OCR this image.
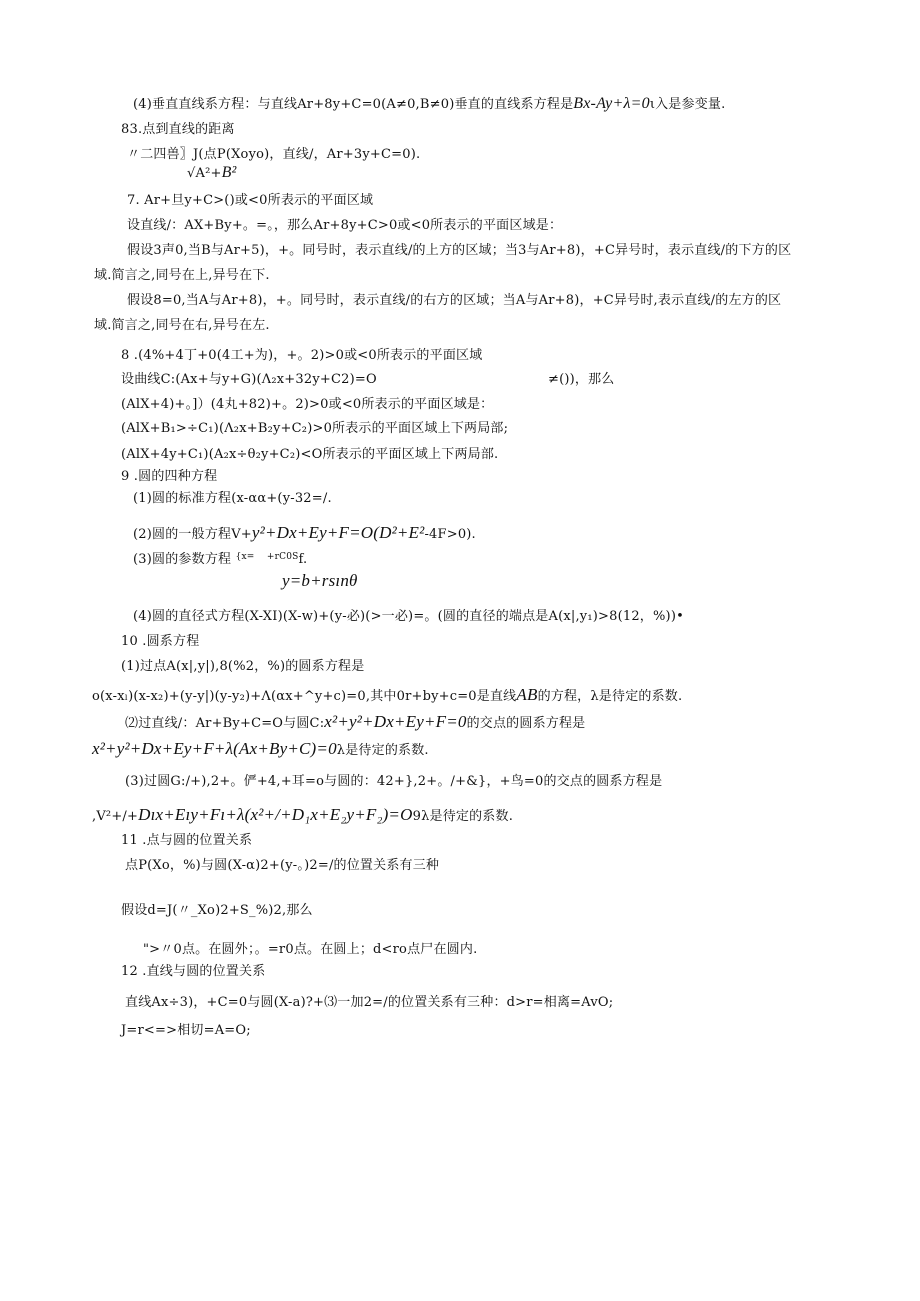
(4)垂直直线系方程：与直线Ar+8y+C=0(A≠0,B≠0)垂直的直线系方程是Bx-Ay+λ=0ι入是参变量.
83.点到直线的距离
〃二四兽〗J(点P(Xoyo)，直线/，Ar+3y+C=0).
√A²+B²
7. Ar+旦y+C>()或<0所表示的平面区域
设直线/：AX+By+。=。，那么Ar+8y+C>0或<0所表示的平面区域是：
假设3声0,当B与Ar+5)，+。同号时，表示直线/的上方的区域；当3与Ar+8)，+C异号时，表示直线/的下方的区
域.简言之,同号在上,异号在下.
假设8=0,当A与Ar+8)，+。同号时，表示直线/的右方的区域；当A与Ar+8)，+C异号时,表示直线/的左方的区
域.简言之,同号在右,异号在左.
8 .(4%+4丁+0(4工+为)，+。2)>0或<0所表示的平面区域
设曲线C:(Ax+与y+G)(Λ₂x+32y+C2)=O	≠())，那么
(AlX+4)+。]）(4丸+82)+。2)>0或<0所表示的平面区域是：
(AlX+B₁>÷C₁)(Λ₂x+B₂y+C₂)>0所表示的平面区域上下两局部;
(AlX+4y+C₁)(A₂x÷θ₂y+C₂)<O所表示的平面区域上下两局部.
9 .圆的四种方程
(1)圆的标准方程(x-αα+(y-32=/.
(2)圆的一般方程V+y²+Dx+Ey+F=O(D²+E²-4F>0).
(3)圆的参数方程 $^{\{x=}$ $^{+rC0S}$f.
y=b+rsınθ
(4)圆的直径式方程(X-XI)(X-w)+(y-必)(>一必)=。(圆的直径的端点是A(x|,y₁)>8(12，%))•
10 .圆系方程
(1)过点A(x|,y|),8(%2，%)的圆系方程是
o(x-xₗ)(x-x₂)+(y-y|)(y-y₂)+Λ(αx+^y+c)=0,其中0r+by+c=0是直线AB的方程，λ是待定的系数.
⑵过直线/：Ar+By+C=O与圆C:x²+y²+Dx+Ey+F=0的交点的圆系方程是
x²+y²+Dx+Ey+F+λ(Ax+By+C)=0λ是待定的系数.
(3)过圆G:/+),2+。俨+4,+耳=o与圆的：42+},2+。/+&}，+鸟=0的交点的圆系方程是
,V²+/+Dıx+Eıy+Fı+λ(x²+/+D₁x+E₂y+F₂)=O9λ是待定的系数.
11 .点与圆的位置关系
点P(Xo，%)与圆(X-α)2+(y-。)2=/的位置关系有三种
假设d=J(〃_Xo)2+S_%)2,那么
">〃0点。在圆外；。=r0点。在圆上；d<ro点尸在圆内.
12 .直线与圆的位置关系
直线Ax÷3)，+C=0与圆(X-a)?+⑶一加2=/的位置关系有三种：d>r=相离=AvO;
J=r<=>相切=A=O;
